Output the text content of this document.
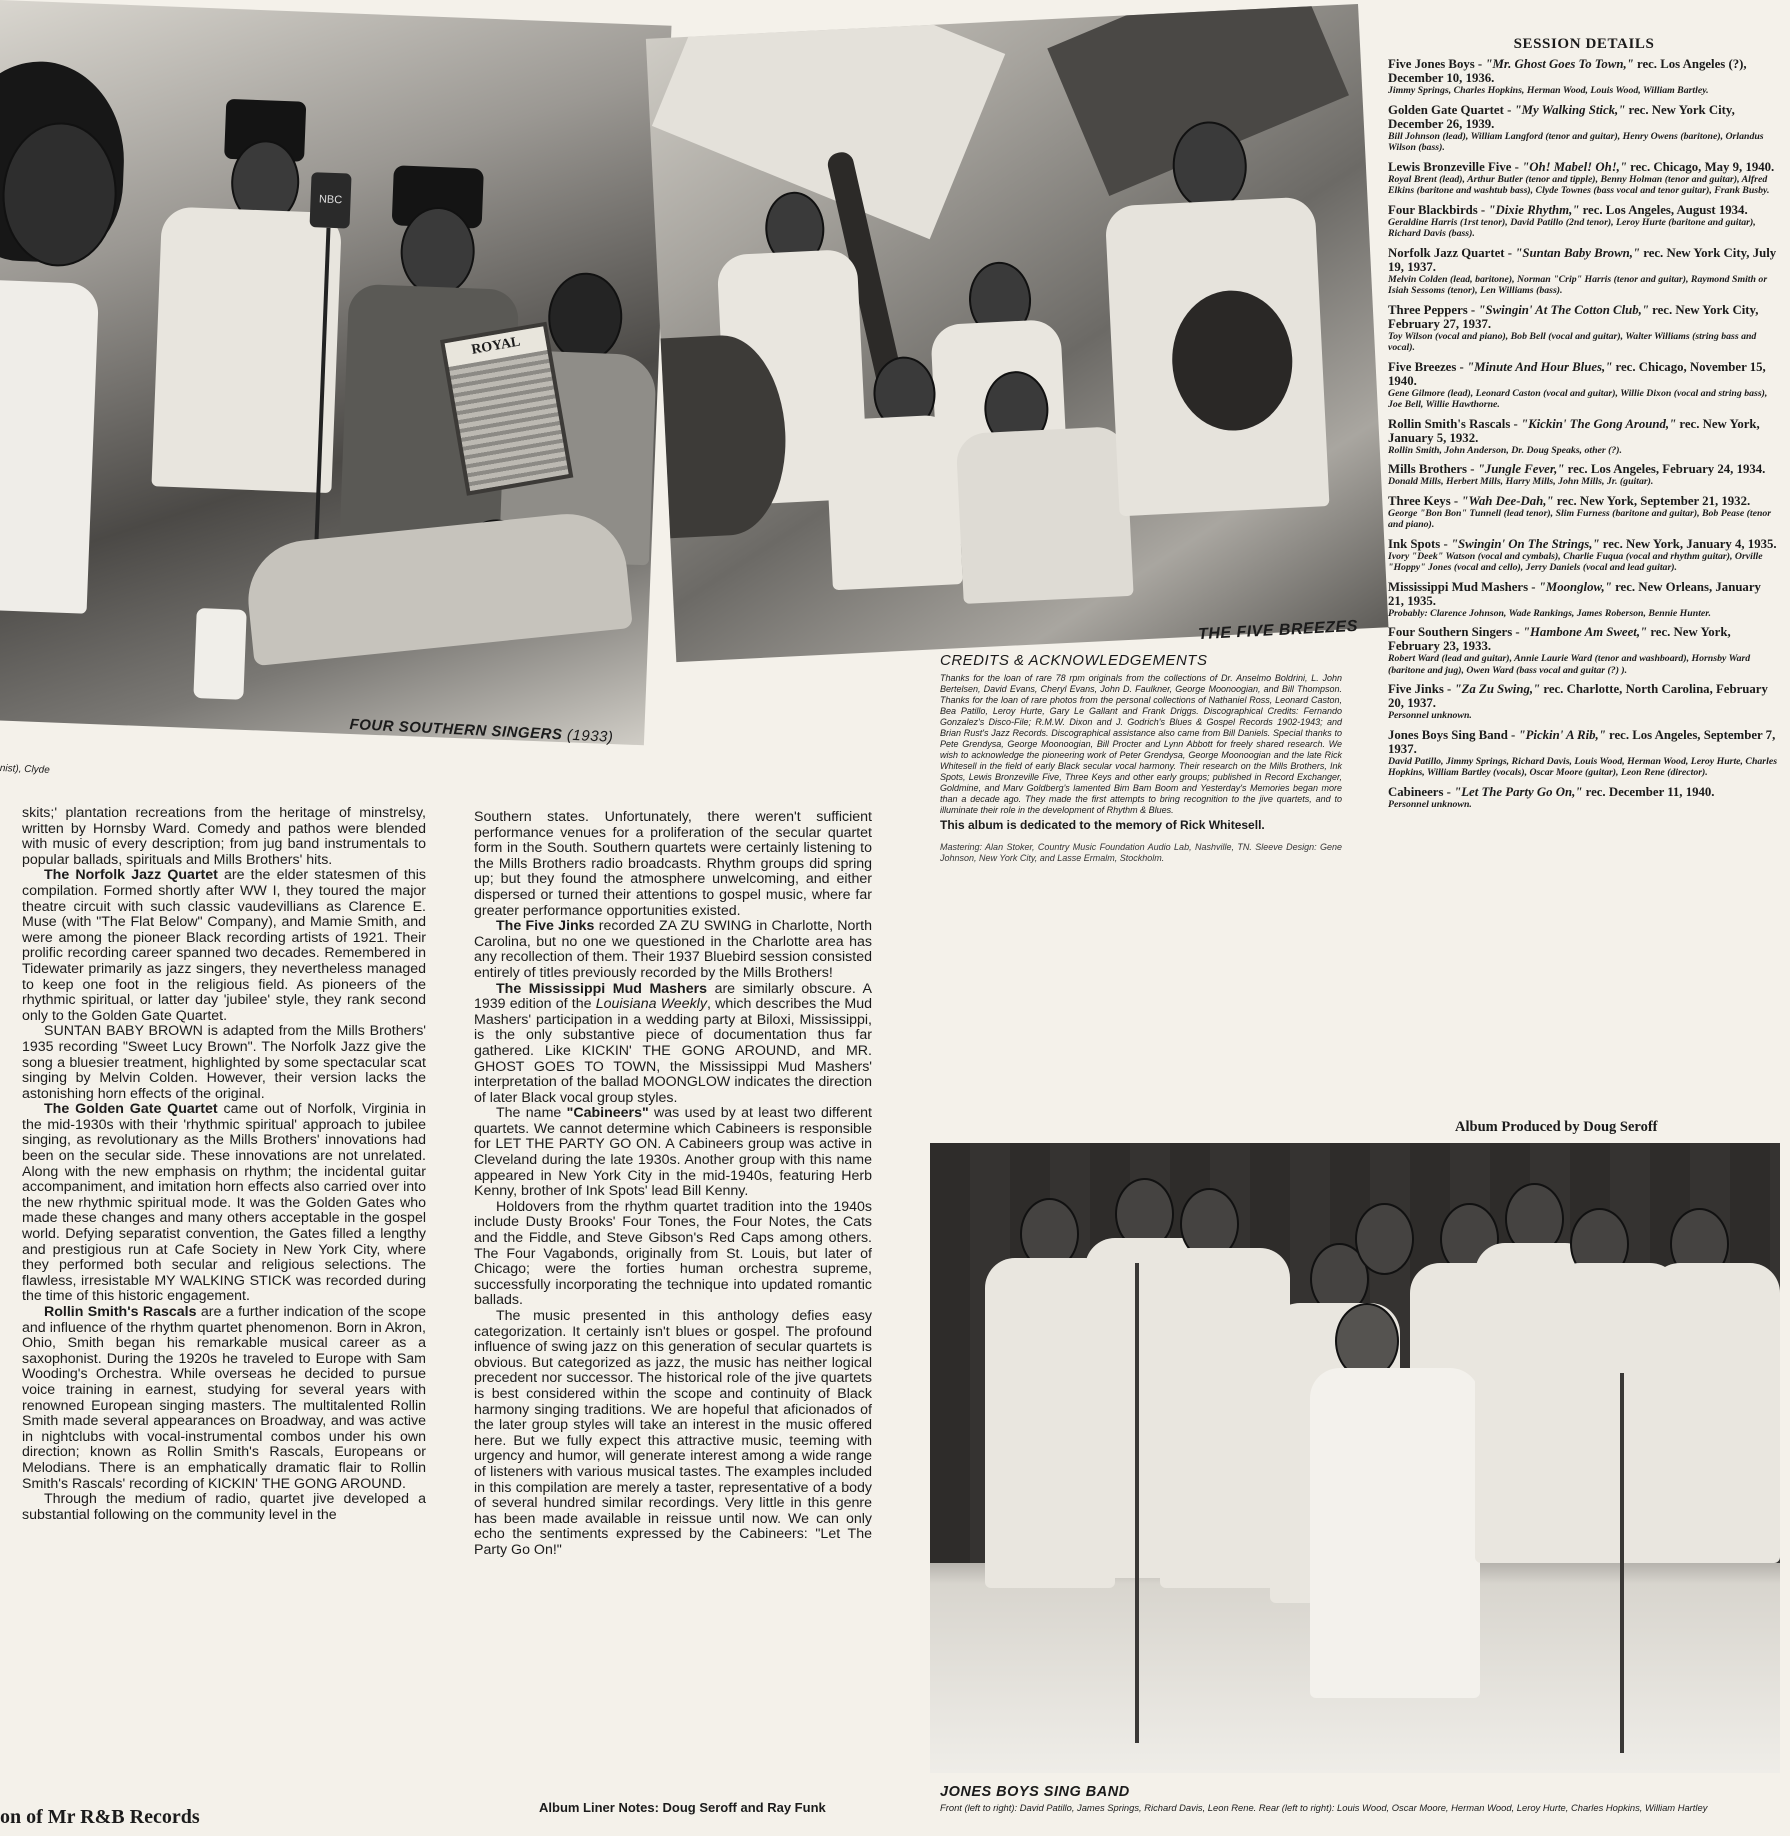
NBC
ROYAL
FOUR SOUTHERN SINGERS (1933)
nist), Clyde
THE FIVE BREEZES

skits;' plantation recreations from the heritage of minstrelsy, written by Hornsby Ward. Comedy and pathos were blended with music of every description; from jug band instrumentals to popular ballads, spirituals and Mills Brothers' hits.

The Norfolk Jazz Quartet are the elder statesmen of this compilation. Formed shortly after WW I, they toured the major theatre circuit with such classic vaudevillians as Clarence E. Muse (with "The Flat Below" Company), and Mamie Smith, and were among the pioneer Black recording artists of 1921. Their prolific recording career spanned two decades. Remembered in Tidewater primarily as jazz singers, they nevertheless managed to keep one foot in the religious field. As pioneers of the rhythmic spiritual, or latter day 'jubilee' style, they rank second only to the Golden Gate Quartet.

SUNTAN BABY BROWN is adapted from the Mills Brothers' 1935 recording "Sweet Lucy Brown". The Norfolk Jazz give the song a bluesier treatment, highlighted by some spectacular scat singing by Melvin Colden. However, their version lacks the astonishing horn effects of the original.

The Golden Gate Quartet came out of Norfolk, Virginia in the mid-1930s with their 'rhythmic spiritual' approach to jubilee singing, as revolutionary as the Mills Brothers' innovations had been on the secular side. These innovations are not unrelated. Along with the new emphasis on rhythm; the incidental guitar accompaniment, and imitation horn effects also carried over into the new rhythmic spiritual mode. It was the Golden Gates who made these changes and many others acceptable in the gospel world. Defying separatist convention, the Gates filled a lengthy and prestigious run at Cafe Society in New York City, where they performed both secular and religious selections. The flawless, irresistable MY WALKING STICK was recorded during the time of this historic engagement.

Rollin Smith's Rascals are a further indication of the scope and influence of the rhythm quartet phenomenon. Born in Akron, Ohio, Smith began his remarkable musical career as a saxophonist. During the 1920s he traveled to Europe with Sam Wooding's Orchestra. While overseas he decided to pursue voice training in earnest, studying for several years with renowned European singing masters. The multitalented Rollin Smith made several appearances on Broadway, and was active in nightclubs with vocal-instrumental combos under his own direction; known as Rollin Smith's Rascals, Europeans or Melodians. There is an emphatically dramatic flair to Rollin Smith's Rascals' recording of KICKIN' THE GONG AROUND.

Through the medium of radio, quartet jive developed a substantial following on the community level in the

Southern states. Unfortunately, there weren't sufficient performance venues for a proliferation of the secular quartet form in the South. Southern quartets were certainly listening to the Mills Brothers radio broadcasts. Rhythm groups did spring up; but they found the atmosphere unwelcoming, and either dispersed or turned their attentions to gospel music, where far greater performance opportunities existed.

The Five Jinks recorded ZA ZU SWING in Charlotte, North Carolina, but no one we questioned in the Charlotte area has any recollection of them. Their 1937 Bluebird session consisted entirely of titles previously recorded by the Mills Brothers!

The Mississippi Mud Mashers are similarly obscure. A 1939 edition of the Louisiana Weekly, which describes the Mud Mashers' participation in a wedding party at Biloxi, Mississippi, is the only substantive piece of documentation thus far gathered. Like KICKIN' THE GONG AROUND, and MR. GHOST GOES TO TOWN, the Mississippi Mud Mashers' interpretation of the ballad MOONGLOW indicates the direction of later Black vocal group styles.

The name "Cabineers" was used by at least two different quartets. We cannot determine which Cabineers is responsible for LET THE PARTY GO ON. A Cabineers group was active in Cleveland during the late 1930s. Another group with this name appeared in New York City in the mid-1940s, featuring Herb Kenny, brother of Ink Spots' lead Bill Kenny.

Holdovers from the rhythm quartet tradition into the 1940s include Dusty Brooks' Four Tones, the Four Notes, the Cats and the Fiddle, and Steve Gibson's Red Caps among others. The Four Vagabonds, originally from St. Louis, but later of Chicago; were the forties human orchestra supreme, successfully incorporating the technique into updated romantic ballads.

The music presented in this anthology defies easy categorization. It certainly isn't blues or gospel. The profound influence of swing jazz on this generation of secular quartets is obvious. But categorized as jazz, the music has neither logical precedent nor successor. The historical role of the jive quartets is best considered within the scope and continuity of Black harmony singing traditions. We are hopeful that aficionados of the later group styles will take an interest in the music offered here. But we fully expect this attractive music, teeming with urgency and humor, will generate interest among a wide range of listeners with various musical tastes. The examples included in this compilation are merely a taster, representative of a body of several hundred similar recordings. Very little in this genre has been made available in reissue until now. We can only echo the sentiments expressed by the Cabineers: "Let The Party Go On!"

CREDITS & ACKNOWLEDGEMENTS
Thanks for the loan of rare 78 rpm originals from the collections of Dr. Anselmo Boldrini, L. John Bertelsen, David Evans, Cheryl Evans, John D. Faulkner, George Moonoogian, and Bill Thompson. Thanks for the loan of rare photos from the personal collections of Nathaniel Ross, Leonard Caston, Bea Patillo, Leroy Hurte, Gary Le Gallant and Frank Driggs. Discographical Credits: Fernando Gonzalez's Disco-File; R.M.W. Dixon and J. Godrich's Blues & Gospel Records 1902-1943; and Brian Rust's Jazz Records. Discographical assistance also came from Bill Daniels. Special thanks to Pete Grendysa, George Moonoogian, Bill Procter and Lynn Abbott for freely shared research. We wish to acknowledge the pioneering work of Peter Grendysa, George Moonoogian and the late Rick Whitesell in the field of early Black secular vocal harmony. Their research on the Mills Brothers, Ink Spots, Lewis Bronzeville Five, Three Keys and other early groups; published in Record Exchanger, Goldmine, and Marv Goldberg's lamented Bim Bam Boom and Yesterday's Memories began more than a decade ago. They made the first attempts to bring recognition to the jive quartets, and to illuminate their role in the development of Rhythm & Blues.
This album is dedicated to the memory of Rick Whitesell.
Mastering: Alan Stoker, Country Music Foundation Audio Lab, Nashville, TN. Sleeve Design: Gene Johnson, New York City, and Lasse Ermalm, Stockholm.
SESSION DETAILS
Five Jones Boys - "Mr. Ghost Goes To Town," rec. Los Angeles (?), December 10, 1936.
Jimmy Springs, Charles Hopkins, Herman Wood, Louis Wood, William Bartley.
Golden Gate Quartet - "My Walking Stick," rec. New York City, December 26, 1939.
Bill Johnson (lead), William Langford (tenor and guitar), Henry Owens (baritone), Orlandus Wilson (bass).
Lewis Bronzeville Five - "Oh! Mabel! Oh!," rec. Chicago, May 9, 1940.
Royal Brent (lead), Arthur Butler (tenor and tipple), Benny Holman (tenor and guitar), Alfred Elkins (baritone and washtub bass), Clyde Townes (bass vocal and tenor guitar), Frank Busby.
Four Blackbirds - "Dixie Rhythm," rec. Los Angeles, August 1934.
Geraldine Harris (1rst tenor), David Patillo (2nd tenor), Leroy Hurte (baritone and guitar), Richard Davis (bass).
Norfolk Jazz Quartet - "Suntan Baby Brown," rec. New York City, July 19, 1937.
Melvin Colden (lead, baritone), Norman "Crip" Harris (tenor and guitar), Raymond Smith or Isiah Sessoms (tenor), Len Williams (bass).
Three Peppers - "Swingin' At The Cotton Club," rec. New York City, February 27, 1937.
Toy Wilson (vocal and piano), Bob Bell (vocal and guitar), Walter Williams (string bass and vocal).
Five Breezes - "Minute And Hour Blues," rec. Chicago, November 15, 1940.
Gene Gilmore (lead), Leonard Caston (vocal and guitar), Willie Dixon (vocal and string bass), Joe Bell, Willie Hawthorne.
Rollin Smith's Rascals - "Kickin' The Gong Around," rec. New York, January 5, 1932.
Rollin Smith, John Anderson, Dr. Doug Speaks, other (?).
Mills Brothers - "Jungle Fever," rec. Los Angeles, February 24, 1934.
Donald Mills, Herbert Mills, Harry Mills, John Mills, Jr. (guitar).
Three Keys - "Wah Dee-Dah," rec. New York, September 21, 1932.
George "Bon Bon" Tunnell (lead tenor), Slim Furness (baritone and guitar), Bob Pease (tenor and piano).
Ink Spots - "Swingin' On The Strings," rec. New York, January 4, 1935.
Ivory "Deek" Watson (vocal and cymbals), Charlie Fuqua (vocal and rhythm guitar), Orville "Hoppy" Jones (vocal and cello), Jerry Daniels (vocal and lead guitar).
Mississippi Mud Mashers - "Moonglow," rec. New Orleans, January 21, 1935.
Probably: Clarence Johnson, Wade Rankings, James Roberson, Bennie Hunter.
Four Southern Singers - "Hambone Am Sweet," rec. New York, February 23, 1933.
Robert Ward (lead and guitar), Annie Laurie Ward (tenor and washboard), Hornsby Ward (baritone and jug), Owen Ward (bass vocal and guitar (?) ).
Five Jinks - "Za Zu Swing," rec. Charlotte, North Carolina, February 20, 1937.
Personnel unknown.
Jones Boys Sing Band - "Pickin' A Rib," rec. Los Angeles, September 7, 1937.
David Patillo, Jimmy Springs, Richard Davis, Louis Wood, Herman Wood, Leroy Hurte, Charles Hopkins, William Bartley (vocals), Oscar Moore (guitar), Leon Rene (director).
Cabineers - "Let The Party Go On," rec. December 11, 1940.
Personnel unknown.
Album Produced by Doug Seroff
JONES BOYS SING BAND
Front (left to right): David Patillo, James Springs, Richard Davis, Leon Rene. Rear (left to right): Louis Wood, Oscar Moore, Herman Wood, Leroy Hurte, Charles Hopkins, William Hartley
Album Liner Notes: Doug Seroff and Ray Funk
on of Mr R&B Records
